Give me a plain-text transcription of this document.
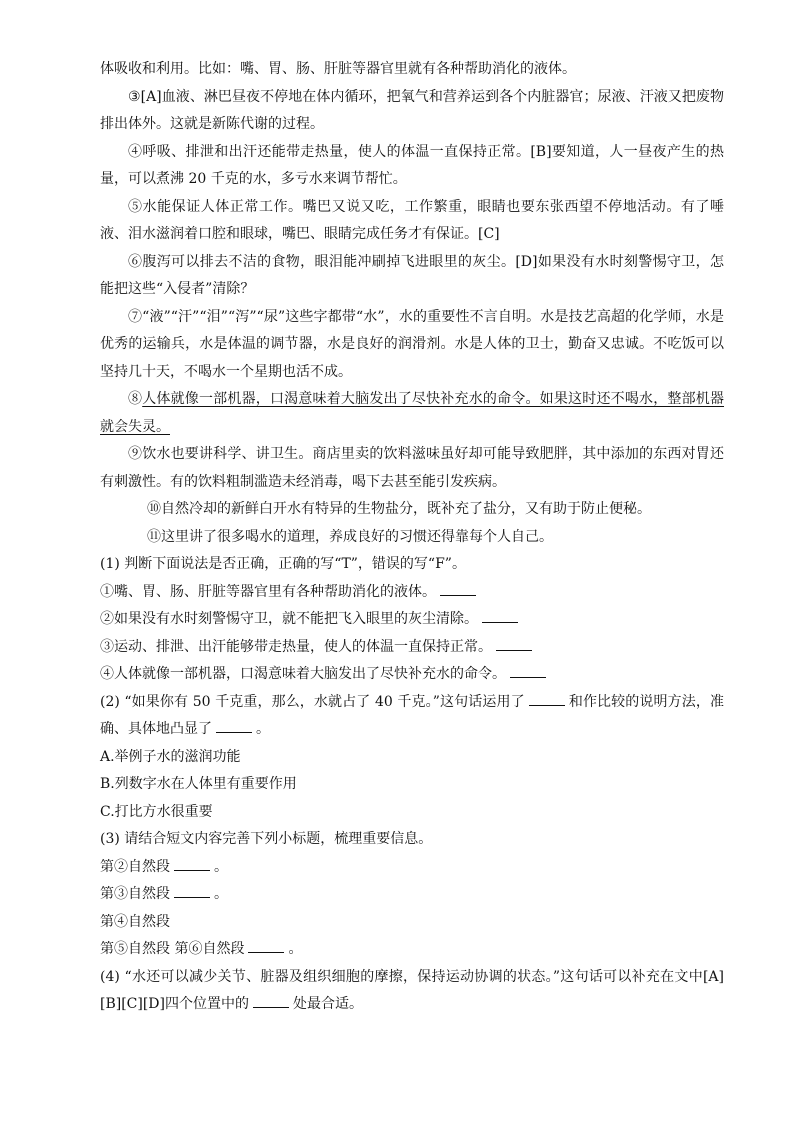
体吸收和利用。比如：嘴、胃、肠、肝脏等器官里就有各种帮助消化的液体。

③[A]血液、淋巴昼夜不停地在体内循环，把氧气和营养运到各个内脏器官；尿液、汗液又把废物排出体外。这就是新陈代谢的过程。

④呼吸、排泄和出汗还能带走热量，使人的体温一直保持正常。[B]要知道，人一昼夜产生的热量，可以煮沸 20 千克的水，多亏水来调节帮忙。

⑤水能保证人体正常工作。嘴巴又说又吃，工作繁重，眼睛也要东张西望不停地活动。有了唾液、泪水滋润着口腔和眼球，嘴巴、眼睛完成任务才有保证。[C]

⑥腹泻可以排去不洁的食物，眼泪能冲刷掉飞进眼里的灰尘。[D]如果没有水时刻警惕守卫，怎能把这些“入侵者”清除？

⑦“液”“汗”“泪”“泻”“尿”这些字都带“水”，水的重要性不言自明。水是技艺高超的化学师，水是优秀的运输兵，水是体温的调节器，水是良好的润滑剂。水是人体的卫士，勤奋又忠诚。不吃饭可以坚持几十天，不喝水一个星期也活不成。

⑧人体就像一部机器，口渴意味着大脑发出了尽快补充水的命令。如果这时还不喝水，整部机器就会失灵。

⑨饮水也要讲科学、讲卫生。商店里卖的饮料滋味虽好却可能导致肥胖，其中添加的东西对胃还有刺激性。有的饮料粗制滥造未经消毒，喝下去甚至能引发疾病。

⑩自然冷却的新鲜白开水有特异的生物盐分，既补充了盐分，又有助于防止便秘。

⑪这里讲了很多喝水的道理，养成良好的习惯还得靠每个人自己。

(1) 判断下面说法是否正确，正确的写“T”，错误的写“F”。

①嘴、胃、肠、肝脏等器官里有各种帮助消化的液体。

②如果没有水时刻警惕守卫，就不能把飞入眼里的灰尘清除。

③运动、排泄、出汗能够带走热量，使人的体温一直保持正常。

④人体就像一部机器，口渴意味着大脑发出了尽快补充水的命令。

(2) “如果你有 50 千克重，那么，水就占了 40 千克。”这句话运用了	和作比较的说明方法，准确、具体地凸显了	。

A.举例子水的滋润功能

B.列数字水在人体里有重要作用

C.打比方水很重要

(3) 请结合短文内容完善下列小标题，梳理重要信息。

第②自然段	。

第③自然段	。

第④自然段

第⑤自然段 第⑥自然段	。

(4) “水还可以减少关节、脏器及组织细胞的摩擦，保持运动协调的状态。”这句话可以补充在文中[A][B][C][D]四个位置中的	处最合适。
